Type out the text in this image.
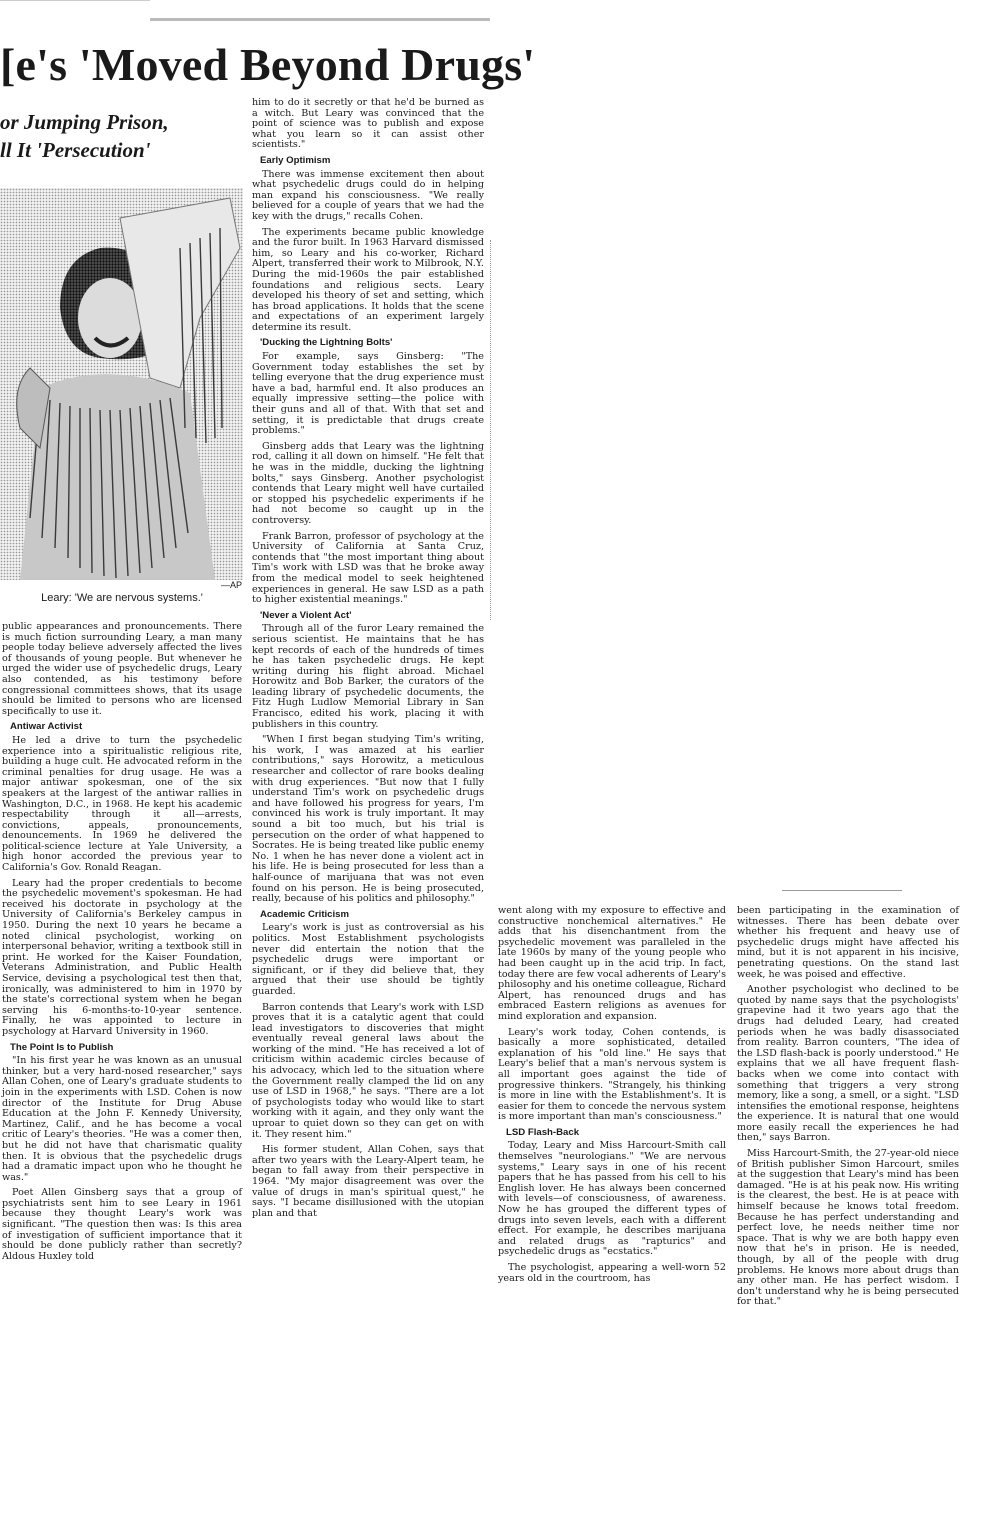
[e's 'Moved Beyond Drugs'
or Jumping Prison,
ll It 'Persecution'
—AP
Leary: 'We are nervous systems.'

public appearances and pronouncements. There is much fiction surrounding Leary, a man many people today believe adversely affected the lives of thousands of young people. But whenever he urged the wider use of psychedelic drugs, Leary also contended, as his testimony before congressional committees shows, that its usage should be limited to persons who are licensed specifically to use it.

Antiwar Activist

He led a drive to turn the psychedelic experience into a spiritualistic religious rite, building a huge cult. He advocated reform in the criminal penalties for drug usage. He was a major antiwar spokesman, one of the six speakers at the largest of the antiwar rallies in Washington, D.C., in 1968. He kept his academic respectability through it all—arrests, convictions, appeals, pronouncements, denouncements. In 1969 he delivered the political-science lecture at Yale University, a high honor accorded the previous year to California's Gov. Ronald Reagan.

Leary had the proper credentials to become the psychedelic movement's spokesman. He had received his doctorate in psychology at the University of California's Berkeley campus in 1950. During the next 10 years he became a noted clinical psychologist, working on interpersonal behavior, writing a textbook still in print. He worked for the Kaiser Foundation, Veterans Administration, and Public Health Service, devising a psychological test then that, ironically, was administered to him in 1970 by the state's correctional system when he began serving his 6-months-to-10-year sentence. Finally, he was appointed to lecture in psychology at Harvard University in 1960.

The Point Is to Publish

"In his first year he was known as an unusual thinker, but a very hard-nosed researcher," says Allan Cohen, one of Leary's graduate students to join in the experiments with LSD. Cohen is now director of the Institute for Drug Abuse Education at the John F. Kennedy University, Martinez, Calif., and he has become a vocal critic of Leary's theories. "He was a comer then, but he did not have that charismatic quality then. It is obvious that the psychedelic drugs had a dramatic impact upon who he thought he was."

Poet Allen Ginsberg says that a group of psychiatrists sent him to see Leary in 1961 because they thought Leary's work was significant. "The question then was: Is this area of investigation of sufficient importance that it should be done publicly rather than secretly? Aldous Huxley told

him to do it secretly or that he'd be burned as a witch. But Leary was convinced that the point of science was to publish and expose what you learn so it can assist other scientists."

Early Optimism

There was immense excitement then about what psychedelic drugs could do in helping man expand his consciousness. "We really believed for a couple of years that we had the key with the drugs," recalls Cohen.

The experiments became public knowledge and the furor built. In 1963 Harvard dismissed him, so Leary and his co-worker, Richard Alpert, transferred their work to Milbrook, N.Y. During the mid-1960s the pair established foundations and religious sects. Leary developed his theory of set and setting, which has broad applications. It holds that the scene and expectations of an experiment largely determine its result.

'Ducking the Lightning Bolts'

For example, says Ginsberg: "The Government today establishes the set by telling everyone that the drug experience must have a bad, harmful end. It also produces an equally impressive setting—the police with their guns and all of that. With that set and setting, it is predictable that drugs create problems."

Ginsberg adds that Leary was the lightning rod, calling it all down on himself. "He felt that he was in the middle, ducking the lightning bolts," says Ginsberg. Another psychologist contends that Leary might well have curtailed or stopped his psychedelic experiments if he had not become so caught up in the controversy.

Frank Barron, professor of psychology at the University of California at Santa Cruz, contends that "the most important thing about Tim's work with LSD was that he broke away from the medical model to seek heightened experiences in general. He saw LSD as a path to higher existential meanings."

'Never a Violent Act'

Through all of the furor Leary remained the serious scientist. He maintains that he has kept records of each of the hundreds of times he has taken psychedelic drugs. He kept writing during his flight abroad. Michael Horowitz and Bob Barker, the curators of the leading library of psychedelic documents, the Fitz Hugh Ludlow Memorial Library in San Francisco, edited his work, placing it with publishers in this country.

"When I first began studying Tim's writing, his work, I was amazed at his earlier contributions," says Horowitz, a meticulous researcher and collector of rare books dealing with drug experiences. "But now that I fully understand Tim's work on psychedelic drugs and have followed his progress for years, I'm convinced his work is truly important. It may sound a bit too much, but his trial is persecution on the order of what happened to Socrates. He is being treated like public enemy No. 1 when he has never done a violent act in his life. He is being prosecuted for less than a half-ounce of marijuana that was not even found on his person. He is being prosecuted, really, because of his politics and philosophy."

Academic Criticism

Leary's work is just as controversial as his politics. Most Establishment psychologists never did entertain the notion that the psychedelic drugs were important or significant, or if they did believe that, they argued that their use should be tightly guarded.

Barron contends that Leary's work with LSD proves that it is a catalytic agent that could lead investigators to discoveries that might eventually reveal general laws about the working of the mind. "He has received a lot of criticism within academic circles because of his advocacy, which led to the situation where the Government really clamped the lid on any use of LSD in 1968," he says. "There are a lot of psychologists today who would like to start working with it again, and they only want the uproar to quiet down so they can get on with it. They resent him."

His former student, Allan Cohen, says that after two years with the Leary-Alpert team, he began to fall away from their perspective in 1964. "My major disagreement was over the value of drugs in man's spiritual quest," he says. "I became disillusioned with the utopian plan and that

went along with my exposure to effective and constructive nonchemical alternatives." He adds that his disenchantment from the psychedelic movement was paralleled in the late 1960s by many of the young people who had been caught up in the acid trip. In fact, today there are few vocal adherents of Leary's philosophy and his onetime colleague, Richard Alpert, has renounced drugs and has embraced Eastern religions as avenues for mind exploration and expansion.

Leary's work today, Cohen contends, is basically a more sophisticated, detailed explanation of his "old line." He says that Leary's belief that a man's nervous system is all important goes against the tide of progressive thinkers. "Strangely, his thinking is more in line with the Establishment's. It is easier for them to concede the nervous system is more important than man's consciousness."

LSD Flash-Back

Today, Leary and Miss Harcourt-Smith call themselves "neurologians." "We are nervous systems," Leary says in one of his recent papers that he has passed from his cell to his English lover. He has always been concerned with levels—of consciousness, of awareness. Now he has grouped the different types of drugs into seven levels, each with a different effect. For example, he describes marijuana and related drugs as "rapturics" and psychedelic drugs as "ecstatics."

The psychologist, appearing a well-worn 52 years old in the courtroom, has

been participating in the examination of witnesses. There has been debate over whether his frequent and heavy use of psychedelic drugs might have affected his mind, but it is not apparent in his incisive, penetrating questions. On the stand last week, he was poised and effective.

Another psychologist who declined to be quoted by name says that the psychologists' grapevine had it two years ago that the drugs had deluded Leary, had created periods when he was badly disassociated from reality. Barron counters, "The idea of the LSD flash-back is poorly understood." He explains that we all have frequent flash-backs when we come into contact with something that triggers a very strong memory, like a song, a smell, or a sight. "LSD intensifies the emotional response, heightens the experience. It is natural that one would more easily recall the experiences he had then," says Barron.

Miss Harcourt-Smith, the 27-year-old niece of British publisher Simon Harcourt, smiles at the suggestion that Leary's mind has been damaged. "He is at his peak now. His writing is the clearest, the best. He is at peace with himself because he knows total freedom. Because he has perfect understanding and perfect love, he needs neither time nor space. That is why we are both happy even now that he's in prison. He is needed, though, by all of the people with drug problems. He knows more about drugs than any other man. He has perfect wisdom. I don't understand why he is being persecuted for that."
